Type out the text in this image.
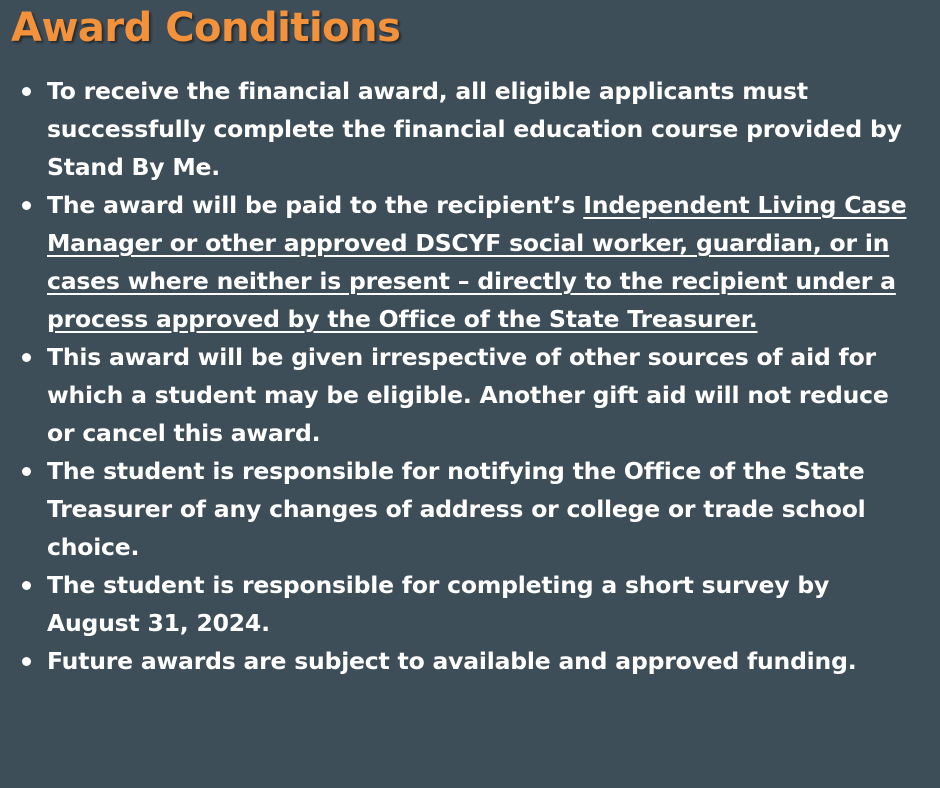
Award Conditions
To receive the financial award, all eligible applicants must successfully complete the financial education course provided by Stand By Me.
The award will be paid to the recipient’s Independent Living Case Manager or other approved DSCYF social worker, guardian, or in cases where neither is present – directly to the recipient under a process approved by the Office of the State Treasurer.
This award will be given irrespective of other sources of aid for which a student may be eligible. Another gift aid will not reduce or cancel this award.
The student is responsible for notifying the Office of the State Treasurer of any changes of address or college or trade school choice.
The student is responsible for completing a short survey by August 31, 2024.
Future awards are subject to available and approved funding.
